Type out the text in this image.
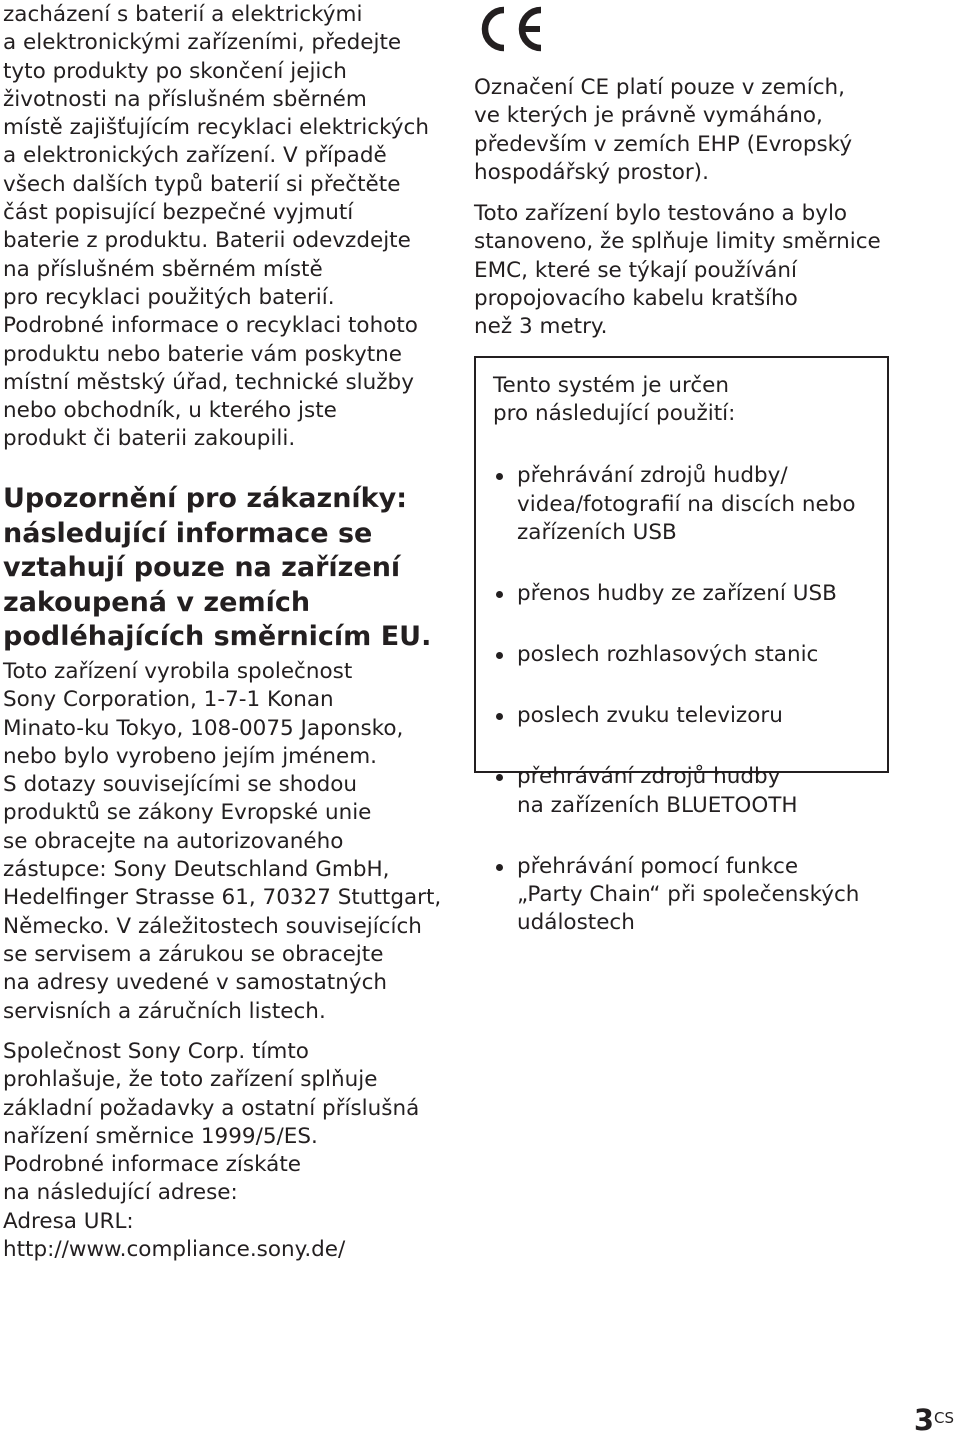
zacházení s baterií a elektrickými
a elektronickými zařízeními, předejte
tyto produkty po skončení jejich
životnosti na příslušném sběrném
místě zajišťujícím recyklaci elektrických
a elektronických zařízení. V případě
všech dalších typů baterií si přečtěte
část popisující bezpečné vyjmutí
baterie z produktu. Baterii odevzdejte
na příslušném sběrném místě
pro recyklaci použitých baterií.
Podrobné informace o recyklaci tohoto
produktu nebo baterie vám poskytne
místní městský úřad, technické služby
nebo obchodník, u kterého jste
produkt či baterii zakoupili.

Upozornění pro zákazníky:
následující informace se
vztahují pouze na zařízení
zakoupená v zemích
podléhajících směrnicím EU.

Toto zařízení vyrobila společnost
Sony Corporation, 1-7-1 Konan
Minato-ku Tokyo, 108-0075 Japonsko,
nebo bylo vyrobeno jejím jménem.
S dotazy souvisejícími se shodou
produktů se zákony Evropské unie
se obracejte na autorizovaného
zástupce: Sony Deutschland GmbH,
Hedelfinger Strasse 61, 70327 Stuttgart,
Německo. V záležitostech souvisejících
se servisem a zárukou se obracejte
na adresy uvedené v samostatných
servisních a záručních listech.

Společnost Sony Corp. tímto
prohlašuje, že toto zařízení splňuje
základní požadavky a ostatní příslušná
nařízení směrnice 1999/5/ES.
Podrobné informace získáte
na následující adrese:
Adresa URL:
http://www.compliance.sony.de/

Označení CE platí pouze v zemích,
ve kterých je právně vymáháno,
především v zemích EHP (Evropský
hospodářský prostor).

Toto zařízení bylo testováno a bylo
stanoveno, že splňuje limity směrnice
EMC, které se týkají používání
propojovacího kabelu kratšího
než 3 metry.

Tento systém je určen
pro následující použití:

přehrávání zdrojů hudby/
videa/fotografií na discích nebo
zařízeních USB

přenos hudby ze zařízení USB

poslech rozhlasových stanic

poslech zvuku televizoru

přehrávání zdrojů hudby
na zařízeních BLUETOOTH

přehrávání pomocí funkce
„Party Chain“ při společenských
událostech

$3^{CS}$
